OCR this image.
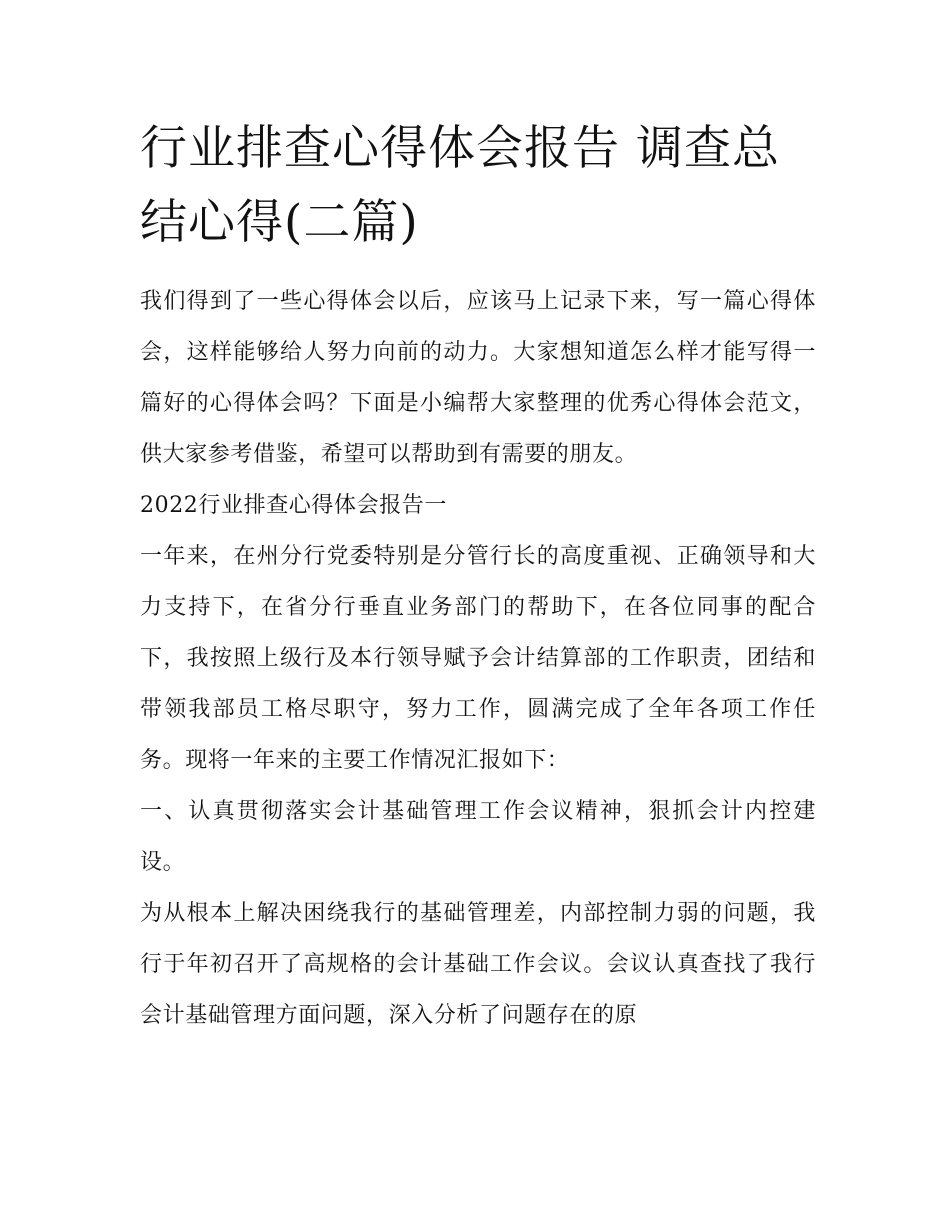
行业排查心得体会报告 调查总结心得(二篇)

我们得到了一些心得体会以后，应该马上记录下来，写一篇心得体会，这样能够给人努力向前的动力。大家想知道怎么样才能写得一篇好的心得体会吗？下面是小编帮大家整理的优秀心得体会范文，供大家参考借鉴，希望可以帮助到有需要的朋友。

2022行业排查心得体会报告一

一年来，在州分行党委特别是分管行长的高度重视、正确领导和大力支持下，在省分行垂直业务部门的帮助下，在各位同事的配合下，我按照上级行及本行领导赋予会计结算部的工作职责，团结和带领我部员工格尽职守，努力工作，圆满完成了全年各项工作任务。现将一年来的主要工作情况汇报如下：

一、认真贯彻落实会计基础管理工作会议精神，狠抓会计内控建设。

为从根本上解决困绕我行的基础管理差，内部控制力弱的问题，我行于年初召开了高规格的会计基础工作会议。会议认真查找了我行会计基础管理方面问题，深入分析了问题存在的原
